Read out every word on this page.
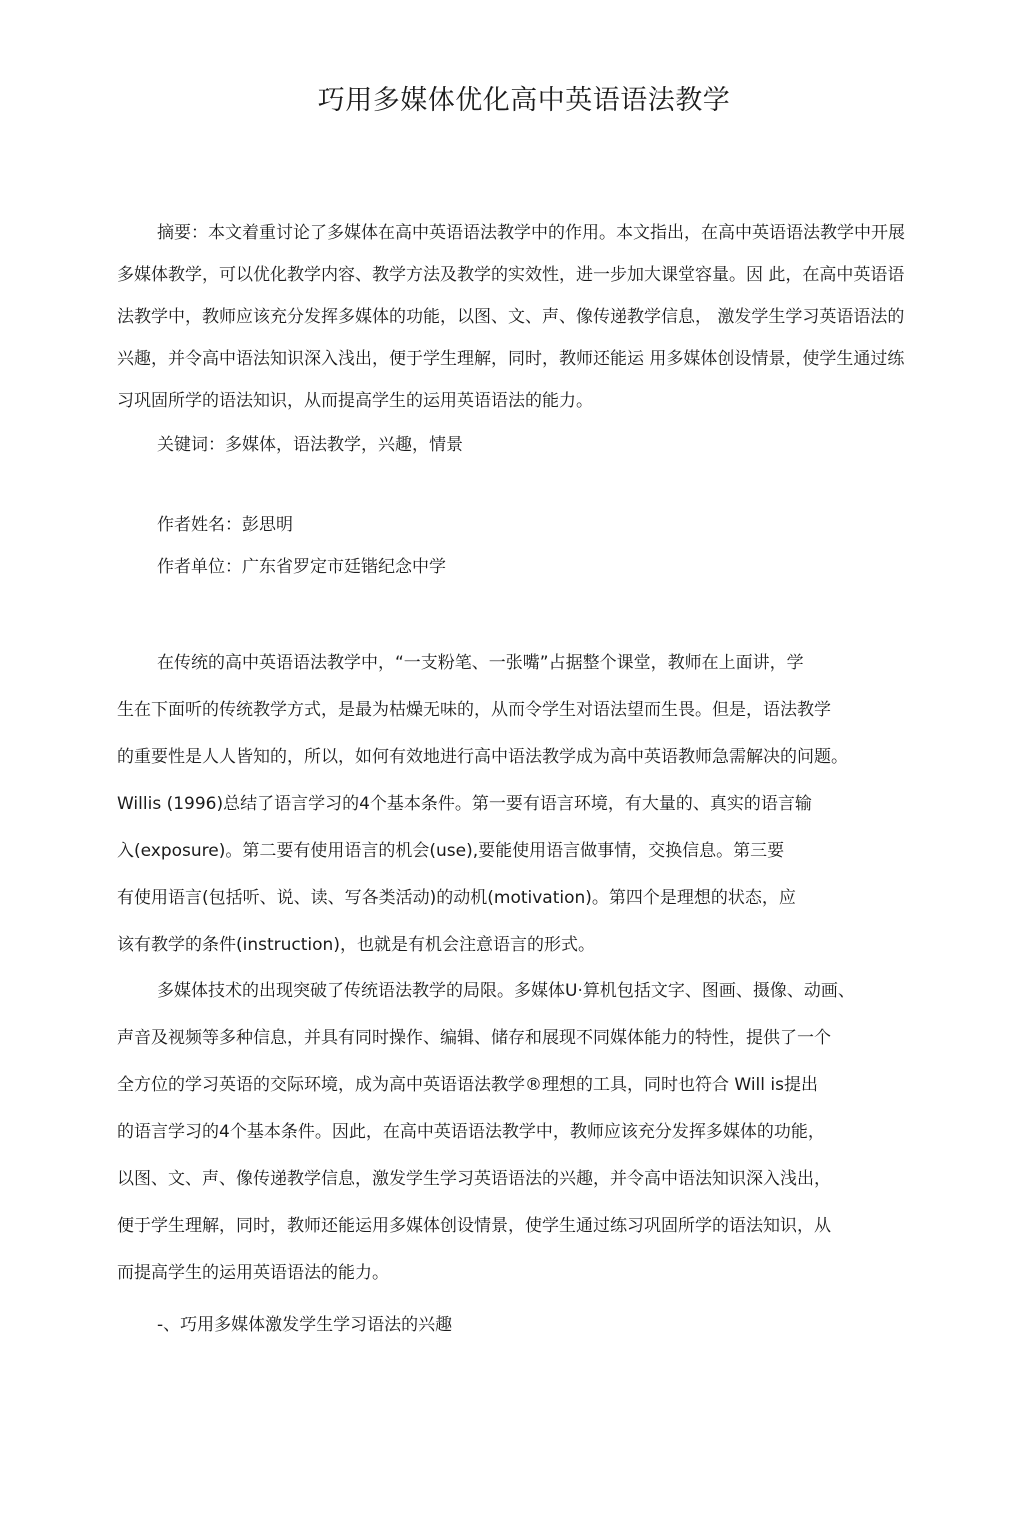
巧用多媒体优化高中英语语法教学
摘要：本文着重讨论了多媒体在高中英语语法教学中的作用。本文指出，在高中英语语法教学中开展
多媒体教学，可以优化教学内容、教学方法及教学的实效性，进一步加大课堂容量。因 此，在高中英语语
法教学中，教师应该充分发挥多媒体的功能，以图、文、声、像传递教学信息， 激发学生学习英语语法的
兴趣，并令高中语法知识深入浅出，便于学生理解，同时，教师还能运 用多媒体创设情景，使学生通过练
习巩固所学的语法知识，从而提高学生的运用英语语法的能力。
关键词：多媒体，语法教学，兴趣，情景
作者姓名：彭思明
作者单位：广东省罗定市廷锴纪念中学
在传统的高中英语语法教学中，“一支粉笔、一张嘴”占据整个课堂，教师在上面讲，学
生在下面听的传统教学方式，是最为枯燥无味的，从而令学生对语法望而生畏。但是，语法教学
的重要性是人人皆知的，所以，如何有效地进行高中语法教学成为高中英语教师急需解决的问题。
Willis (1996)总结了语言学习的4个基本条件。第一要有语言环境，有大量的、真实的语言输
入(exposure)。第二要有使用语言的机会(use),要能使用语言做事情，交换信息。第三要
有使用语言(包括听、说、读、写各类活动)的动机(motivation)。第四个是理想的状态，应
该有教学的条件(instruction)，也就是有机会注意语言的形式。
多媒体技术的出现突破了传统语法教学的局限。多媒体U·算机包括文字、图画、摄像、动画、
声音及视频等多种信息，并具有同时操作、编辑、储存和展现不同媒体能力的特性，提供了一个
全方位的学习英语的交际环境，成为高中英语语法教学®理想的工具，同时也符合 Will is提出
的语言学习的4个基本条件。因此，在高中英语语法教学中，教师应该充分发挥多媒体的功能，
以图、文、声、像传递教学信息，激发学生学习英语语法的兴趣，并令高中语法知识深入浅出，
便于学生理解，同时，教师还能运用多媒体创设情景，使学生通过练习巩固所学的语法知识，从
而提高学生的运用英语语法的能力。
-、巧用多媒体激发学生学习语法的兴趣
